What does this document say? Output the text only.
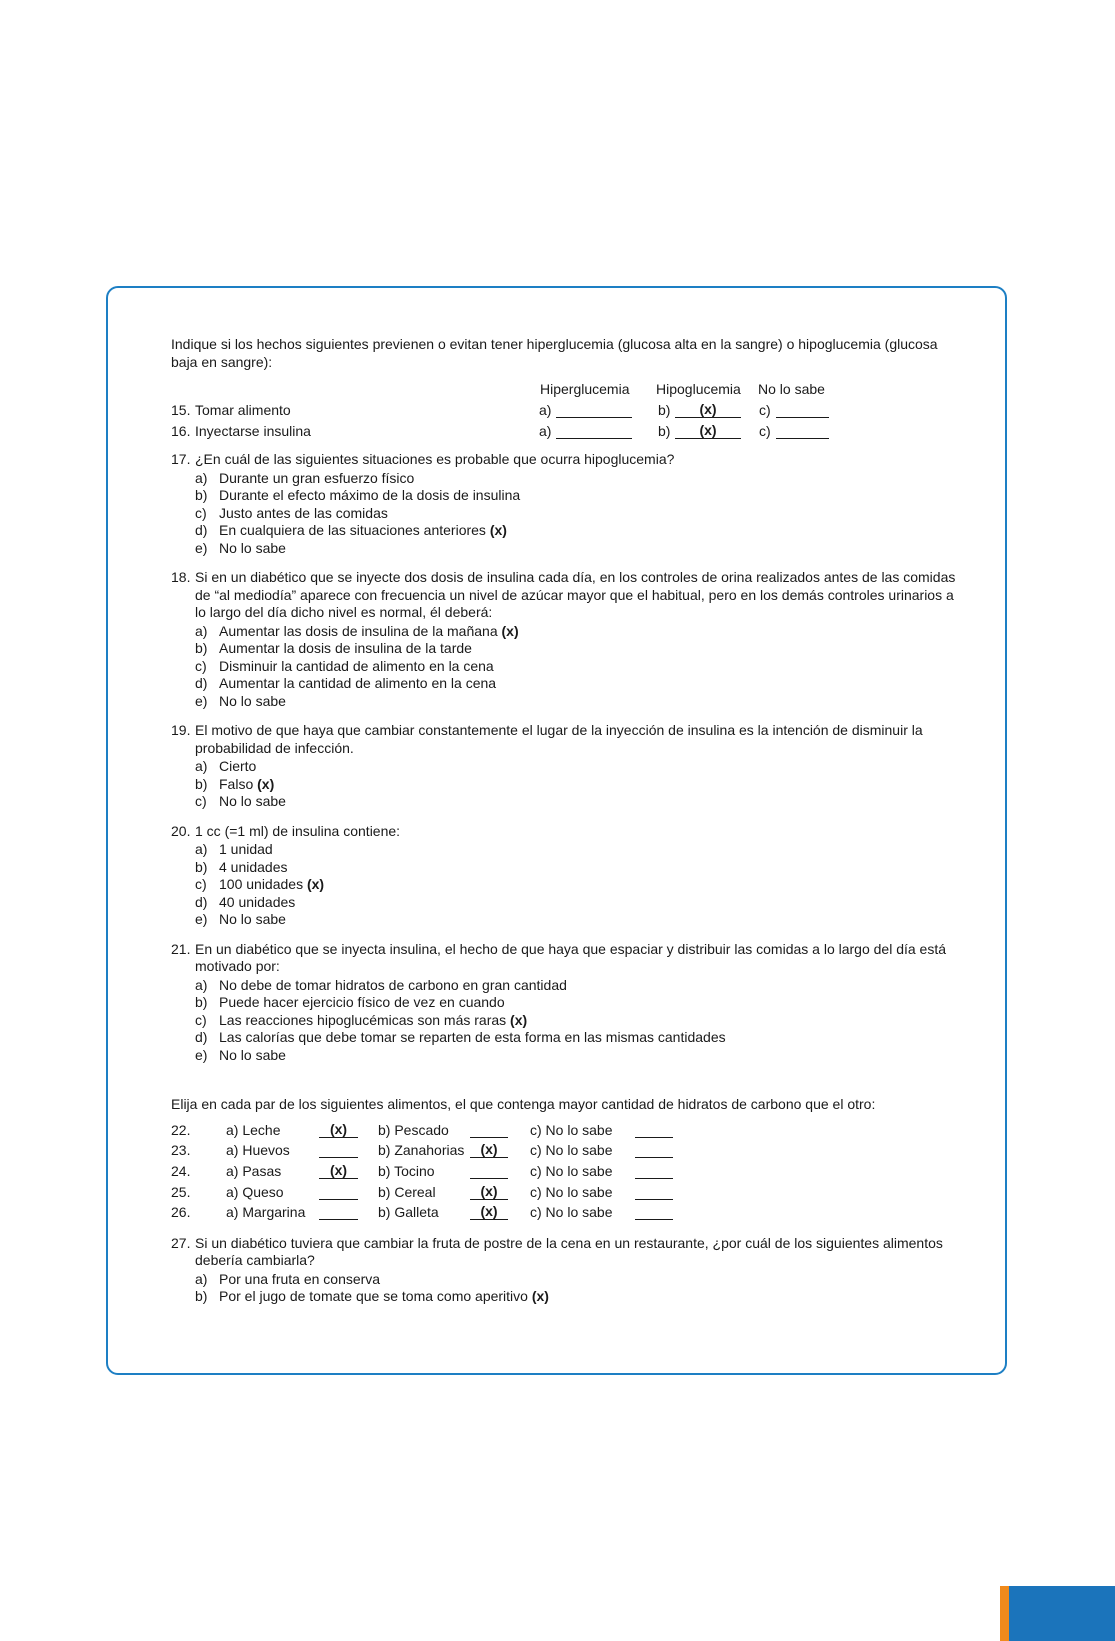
Indique si los hechos siguientes previenen o evitan tener hiperglucemia (glucosa alta en la sangre) o hipoglucemia (glucosa baja en sangre):

Hiperglucemia Hipoglucemia No lo sabe
15. Tomar alimento	a)	b)	(x)	c)
16. Inyectarse insulina	a)	b)	(x)	c)
17. ¿En cuál de las siguientes situaciones es probable que ocurra hipoglucemia?
a) Durante un gran esfuerzo físico
b) Durante el efecto máximo de la dosis de insulina
c) Justo antes de las comidas
d) En cualquiera de las situaciones anteriores
(x)
e) No lo sabe
18. Si en un diabético que se inyecte dos dosis de insulina cada día, en los controles de orina realizados antes de las comidas de “al mediodía” aparece con frecuencia un nivel de azúcar mayor que el habitual, pero en los demás controles urinarios a lo largo del día dicho nivel es normal, él deberá:
a) Aumentar las dosis de insulina de la mañana
(x)
b) Aumentar la dosis de insulina de la tarde
c) Disminuir la cantidad de alimento en la cena
d) Aumentar la cantidad de alimento en la cena
e) No lo sabe
19. El motivo de que haya que cambiar constantemente el lugar de la inyección de insulina es la intención de disminuir la probabilidad de infección.
a) Cierto
b) Falso
(x)
c) No lo sabe
20. 1 cc (=1 ml) de insulina contiene:
a) 1 unidad
b) 4 unidades
c) 100 unidades
(x)
d) 40 unidades
e) No lo sabe
21. En un diabético que se inyecta insulina, el hecho de que haya que espaciar y distribuir las comidas a lo largo del día está motivado por:
a) No debe de tomar hidratos de carbono en gran cantidad
b) Puede hacer ejercicio físico de vez en cuando
c) Las reacciones hipoglucémicas son más raras
(x)
d) Las calorías que debe tomar se reparten de esta forma en las mismas cantidades
e) No lo sabe

Elija en cada par de los siguientes alimentos, el que contenga mayor cantidad de hidratos de carbono que el otro:

22.	a) Leche	(x)	b) Pescado	c) No lo sabe
23.	a) Huevos	b) Zanahorias	(x)	c) No lo sabe
24.	a) Pasas	(x)	b) Tocino	c) No lo sabe
25.	a) Queso	b) Cereal	(x)	c) No lo sabe
26.	a) Margarina	b) Galleta	(x)	c) No lo sabe
27. Si un diabético tuviera que cambiar la fruta de postre de la cena en un restaurante, ¿por cuál de los siguientes alimentos debería cambiarla?
a) Por una fruta en conserva
b) Por el jugo de tomate que se toma como aperitivo
(x)
